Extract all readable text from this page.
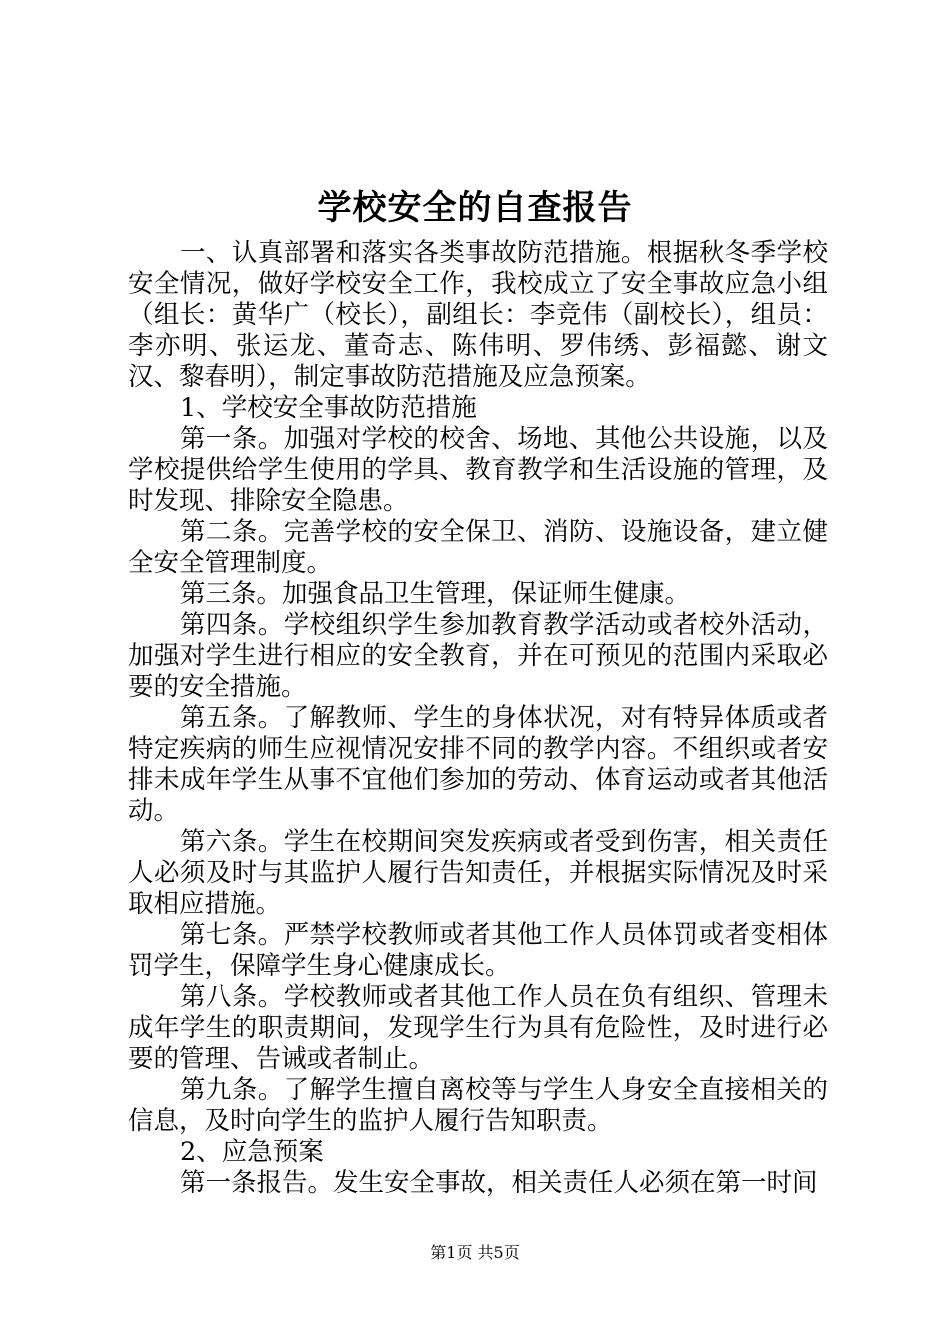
学校安全的自查报告

一、认真部署和落实各类事故防范措施。根据秋冬季学校安全情况，做好学校安全工作，我校成立了安全事故应急小组（组长：黄华广（校长），副组长：李竞伟（副校长），组员：李亦明、张运龙、董奇志、陈伟明、罗伟绣、彭福懿、谢文汉、黎春明），制定事故防范措施及应急预案。

1、学校安全事故防范措施

第一条。加强对学校的校舍、场地、其他公共设施，以及学校提供给学生使用的学具、教育教学和生活设施的管理，及时发现、排除安全隐患。

第二条。完善学校的安全保卫、消防、设施设备，建立健全安全管理制度。

第三条。加强食品卫生管理，保证师生健康。

第四条。学校组织学生参加教育教学活动或者校外活动，加强对学生进行相应的安全教育，并在可预见的范围内采取必要的安全措施。

第五条。了解教师、学生的身体状况，对有特异体质或者特定疾病的师生应视情况安排不同的教学内容。不组织或者安排未成年学生从事不宜他们参加的劳动、体育运动或者其他活动。

第六条。学生在校期间突发疾病或者受到伤害，相关责任人必须及时与其监护人履行告知责任，并根据实际情况及时采取相应措施。

第七条。严禁学校教师或者其他工作人员体罚或者变相体罚学生，保障学生身心健康成长。

第八条。学校教师或者其他工作人员在负有组织、管理未成年学生的职责期间，发现学生行为具有危险性，及时进行必要的管理、告诫或者制止。

第九条。了解学生擅自离校等与学生人身安全直接相关的信息，及时向学生的监护人履行告知职责。

2、应急预案

第一条报告。发生安全事故，相关责任人必须在第一时间

第1页 共5页
